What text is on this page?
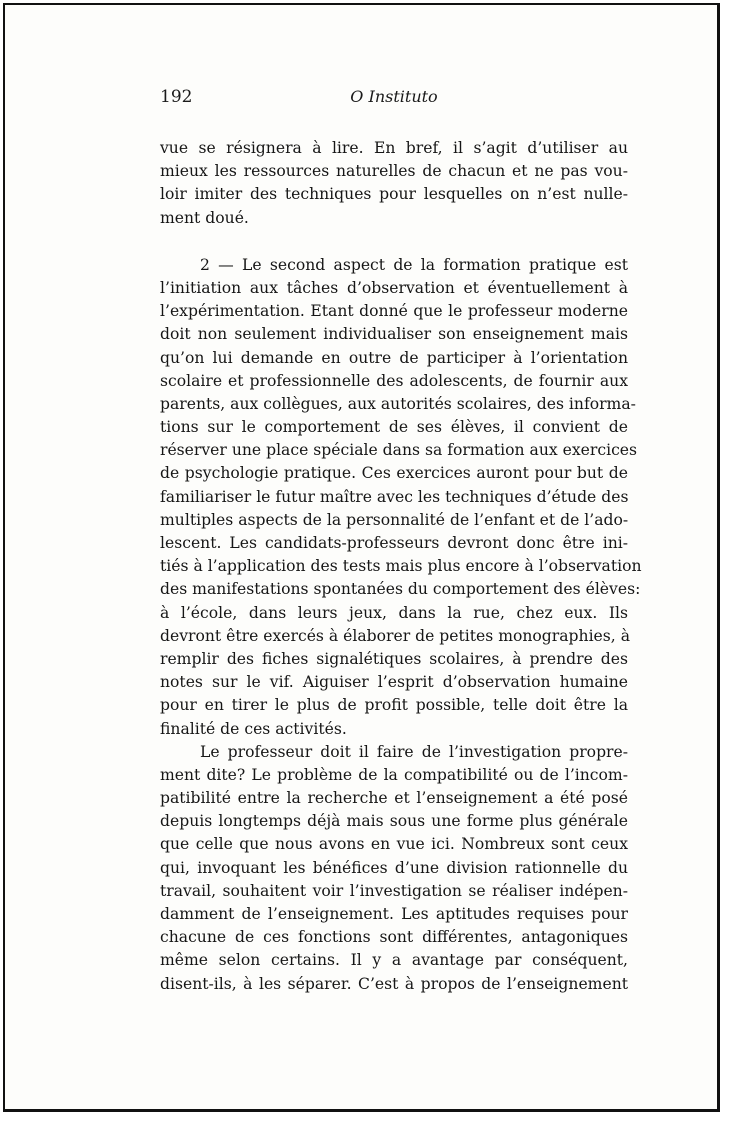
192	O Instituto
vue se résignera à lire. En bref, il s’agit d’utiliser au
mieux les ressources naturelles de chacun et ne pas vou-
loir imiter des techniques pour lesquelles on n’est nulle-
ment doué.
2 — Le second aspect de la formation pratique est
l’initiation aux tâches d’observation et éventuellement à
l’expérimentation. Etant donné que le professeur moderne
doit non seulement individualiser son enseignement mais
qu’on lui demande en outre de participer à l’orientation
scolaire et professionnelle des adolescents, de fournir aux
parents, aux collègues, aux autorités scolaires, des informa-
tions sur le comportement de ses élèves, il convient de
réserver une place spéciale dans sa formation aux exercices
de psychologie pratique. Ces exercices auront pour but de
familiariser le futur maître avec les techniques d’étude des
multiples aspects de la personnalité de l’enfant et de l’ado-
lescent. Les candidats-professeurs devront donc être ini-
tiés à l’application des tests mais plus encore à l’observation
des manifestations spontanées du comportement des élèves:
à l’école, dans leurs jeux, dans la rue, chez eux. Ils
devront être exercés à élaborer de petites monographies, à
remplir des fiches signalétiques scolaires, à prendre des
notes sur le vif. Aiguiser l’esprit d’observation humaine
pour en tirer le plus de profit possible, telle doit être la
finalité de ces activités.
Le professeur doit il faire de l’investigation propre-
ment dite? Le problème de la compatibilité ou de l’incom-
patibilité entre la recherche et l’enseignement a été posé
depuis longtemps déjà mais sous une forme plus générale
que celle que nous avons en vue ici. Nombreux sont ceux
qui, invoquant les bénéfices d’une division rationnelle du
travail, souhaitent voir l’investigation se réaliser indépen-
damment de l’enseignement. Les aptitudes requises pour
chacune de ces fonctions sont différentes, antagoniques
même selon certains. Il y a avantage par conséquent,
disent-ils, à les séparer. C’est à propos de l’enseignement
